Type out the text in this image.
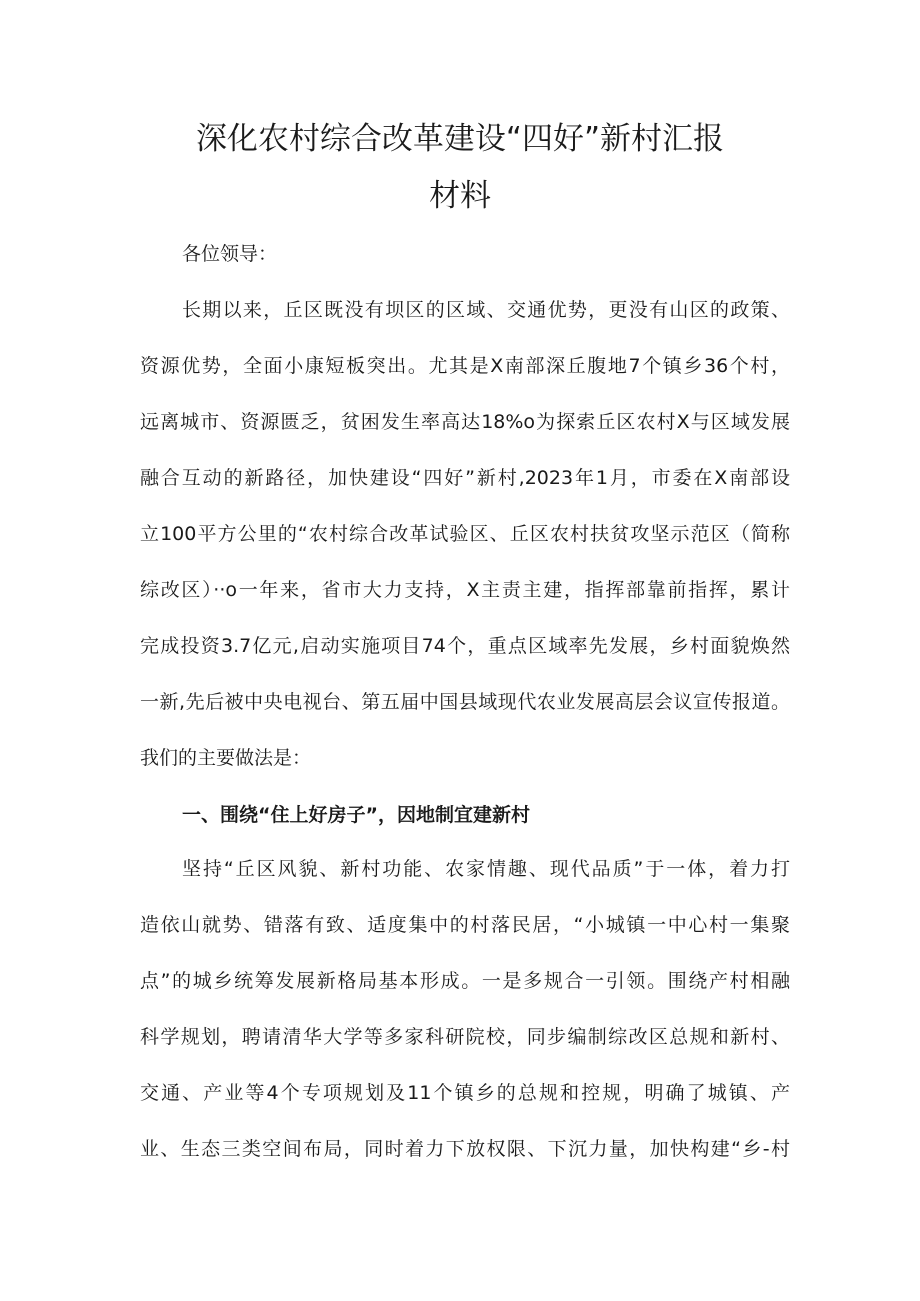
深化农村综合改革建设“四好”新村汇报
材料
各位领导：
长期以来，丘区既没有坝区的区域、交通优势，更没有山区的政策、
资源优势，全面小康短板突出。尤其是X南部深丘腹地7个镇乡36个村，
远离城市、资源匮乏，贫困发生率高达18%o为探索丘区农村X与区域发展
融合互动的新路径，加快建设“四好”新村,2023年1月，市委在X南部设
立100平方公里的“农村综合改革试验区、丘区农村扶贫攻坚示范区（简称
综改区）··o一年来，省市大力支持，X主责主建，指挥部靠前指挥，累计
完成投资3.7亿元,启动实施项目74个，重点区域率先发展，乡村面貌焕然
一新,先后被中央电视台、第五届中国县域现代农业发展高层会议宣传报道。
我们的主要做法是：
一、围绕“住上好房子”，因地制宜建新村
坚持“丘区风貌、新村功能、农家情趣、现代品质”于一体，着力打
造依山就势、错落有致、适度集中的村落民居，“小城镇一中心村一集聚
点”的城乡统筹发展新格局基本形成。一是多规合一引领。围绕产村相融
科学规划，聘请清华大学等多家科研院校，同步编制综改区总规和新村、
交通、产业等4个专项规划及11个镇乡的总规和控规，明确了城镇、产
业、生态三类空间布局，同时着力下放权限、下沉力量，加快构建“乡-村
